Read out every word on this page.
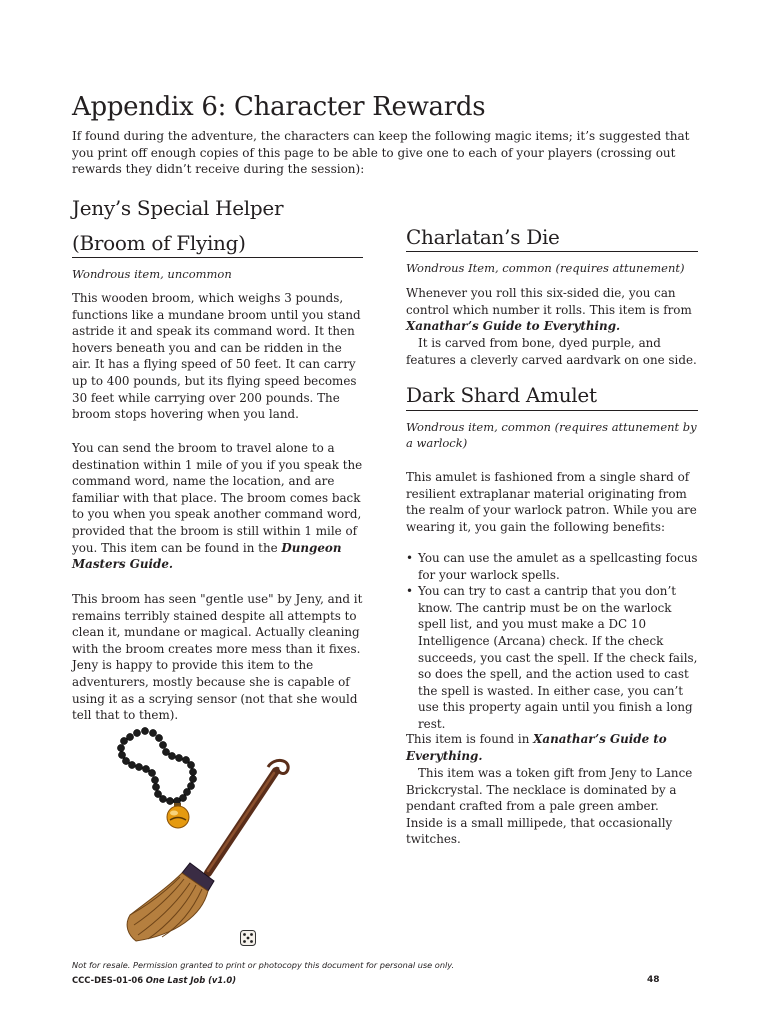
Appendix 6: Character Rewards

If found during the adventure, the characters can keep the following magic items; it’s suggested that you print off enough copies of this page to be able to give one to each of your players (crossing out rewards they didn’t receive during the session):

Jeny’s Special Helper
(Broom of Flying)

Wondrous item, uncommon

This wooden broom, which weighs 3 pounds, functions like a mundane broom until you stand astride it and speak its command word. It then hovers beneath you and can be ridden in the air. It has a flying speed of 50 feet. It can carry up to 400 pounds, but its flying speed becomes 30 feet while carrying over 200 pounds. The broom stops hovering when you land.

You can send the broom to travel alone to a destination within 1 mile of you if you speak the command word, name the location, and are familiar with that place. The broom comes back to you when you speak another command word, provided that the broom is still within 1 mile of you. This item can be found in the Dungeon Masters Guide.

This broom has seen "gentle use" by Jeny, and it remains terribly stained despite all attempts to clean it, mundane or magical. Actually cleaning with the broom creates more mess than it fixes. Jeny is happy to provide this item to the adventurers, mostly because she is capable of using it as a scrying sensor (not that she would tell that to them).

Charlatan’s Die

Wondrous Item, common (requires attunement)

Whenever you roll this six-sided die, you can control which number it rolls. This item is from Xanathar’s Guide to Everything.

It is carved from bone, dyed purple, and features a cleverly carved aardvark on one side.

Dark Shard Amulet

Wondrous item, common (requires attunement by a warlock)

This amulet is fashioned from a single shard of resilient extraplanar material originating from the realm of your warlock patron. While you are wearing it, you gain the following benefits:

• You can use the amulet as a spellcasting focus for your warlock spells.
• You can try to cast a cantrip that you don’t know. The cantrip must be on the warlock spell list, and you must make a DC 10 Intelligence (Arcana) check. If the check succeeds, you cast the spell. If the check fails, so does the spell, and the action used to cast the spell is wasted. In either case, you can’t use this property again until you finish a long rest.

This item is found in Xanathar’s Guide to Everything.

This item was a token gift from Jeny to Lance Brickcrystal. The necklace is dominated by a pendant crafted from a pale green amber. Inside is a small millipede, that occasionally twitches.

Not for resale. Permission granted to print or photocopy this document for personal use only.

CCC-DES-01-06 One Last Job (v1.0)	48
